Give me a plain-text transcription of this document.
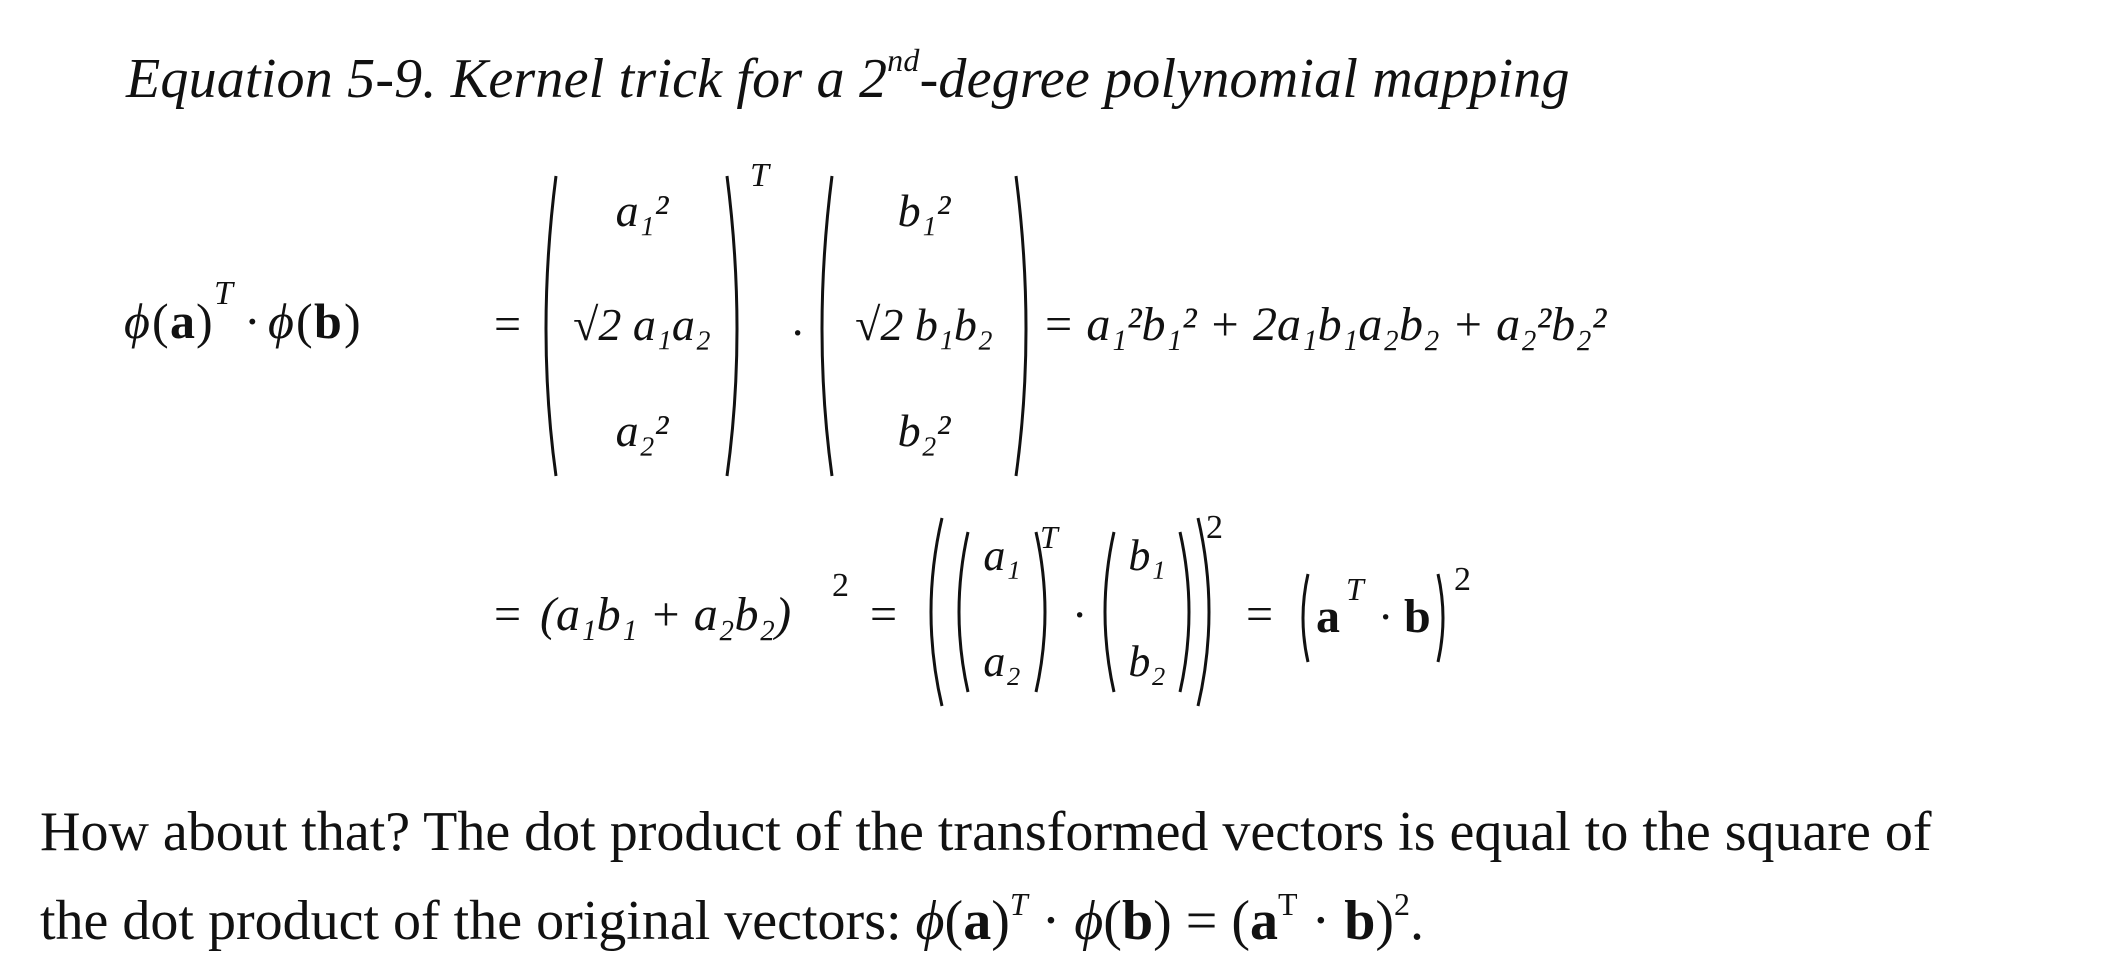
Equation 5-9. Kernel trick for a 2nd-degree polynomial mapping
ϕ ( a ) T · ϕ ( b )	=
a₁²
√2 a₁a₂
a₂²
T
·
b₁²
√2 b₁b₂
b₂²
= a₁²b₁² + 2a₁b₁a₂b₂ + a₂²b₂²
= (a₁b₁ + a₂b₂)
2
=
a₁
a₂
T
·
b₁
b₂
2
= a
T
· b
2
How about that? The dot product of the transformed vectors is equal to the square of
the dot product of the original vectors: $\phi(a)^T \cdot \phi(b) = (a^T \cdot b)^2$.
